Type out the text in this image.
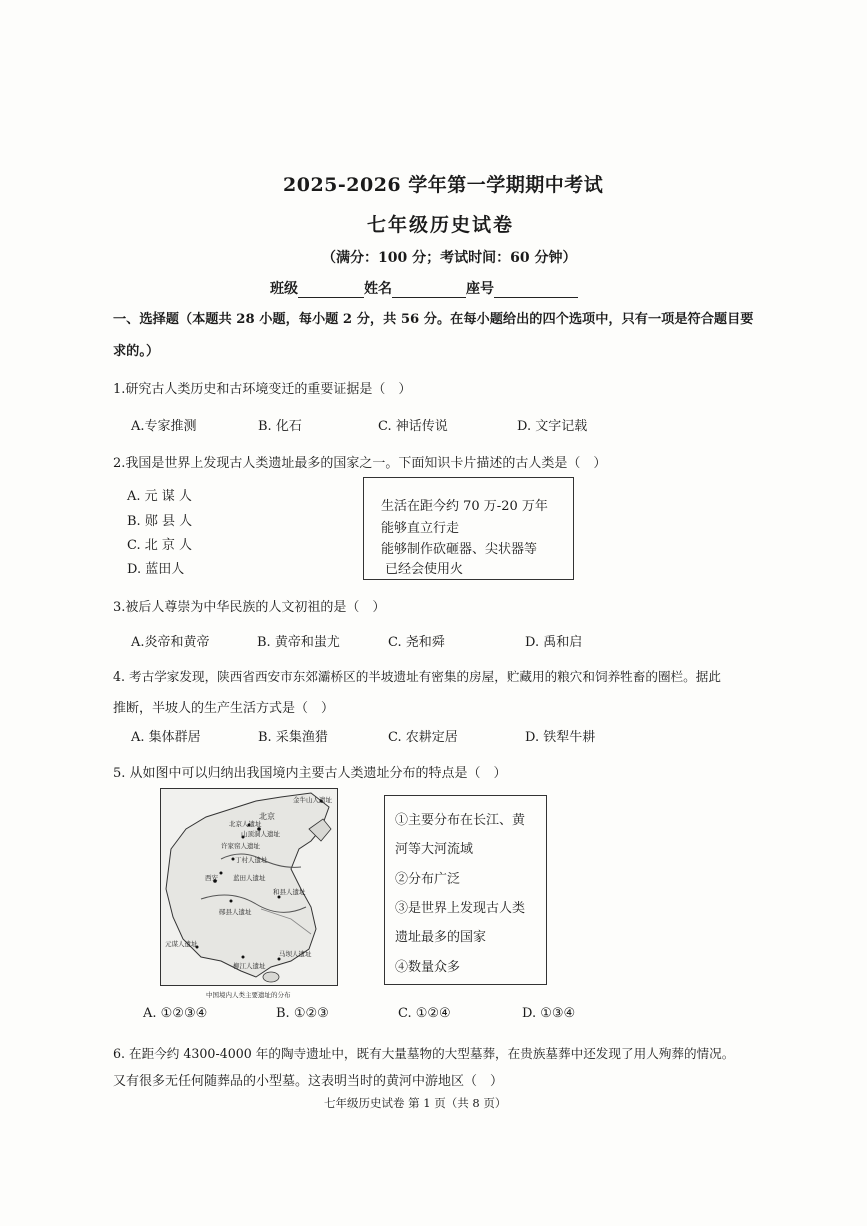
2025-2026 学年第一学期期中考试
七年级历史试卷
（满分：100 分；考试时间：60 分钟）
班级	姓名	座号
一、选择题（本题共 28 小题，每小题 2 分，共 56 分。在每小题给出的四个选项中，只有一项是符合题目要
求的。）
1.研究古人类历史和古环境变迁的重要证据是（　）
A.专家推测	B. 化石	C. 神话传说	D. 文字记载
2.我国是世界上发现古人类遗址最多的国家之一。下面知识卡片描述的古人类是（　）
A. 元 谋 人
B. 郧 县 人
C. 北 京 人
D. 蓝田人
生活在距今约 70 万-20 万年
能够直立行走
能够制作砍砸器、尖状器等
已经会使用火
3.被后人尊崇为中华民族的人文初祖的是（　）
A.炎帝和黄帝	B. 黄帝和蚩尤	C. 尧和舜	D. 禹和启
4. 考古学家发现，陕西省西安市东郊灞桥区的半坡遗址有密集的房屋，贮藏用的粮穴和饲养牲畜的圈栏。据此
推断，半坡人的生产生活方式是（　）
A. 集体群居	B. 采集渔猎	C. 农耕定居	D. 铁犁牛耕
5. 从如图中可以归纳出我国境内主要古人类遗址分布的特点是（　）
金牛山人遗址
北京
北京人遗址
山顶洞人遗址
许家窑人遗址
丁村人遗址
蓝田人遗址
西安
郧县人遗址
和县人遗址
元谋人遗址
柳江人遗址
马坝人遗址
中国境内人类主要遗址的分布
①主要分布在长江、黄
河等大河流域
②分布广泛
③是世界上发现古人类
遗址最多的国家
④数量众多
A. ①②③④	B. ①②③	C. ①②④	D. ①③④
6. 在距今约 4300-4000 年的陶寺遗址中，既有大量墓物的大型墓葬，在贵族墓葬中还发现了用人殉葬的情况。
又有很多无任何随葬品的小型墓。这表明当时的黄河中游地区（　）
七年级历史试卷 第 1 页（共 8 页）
